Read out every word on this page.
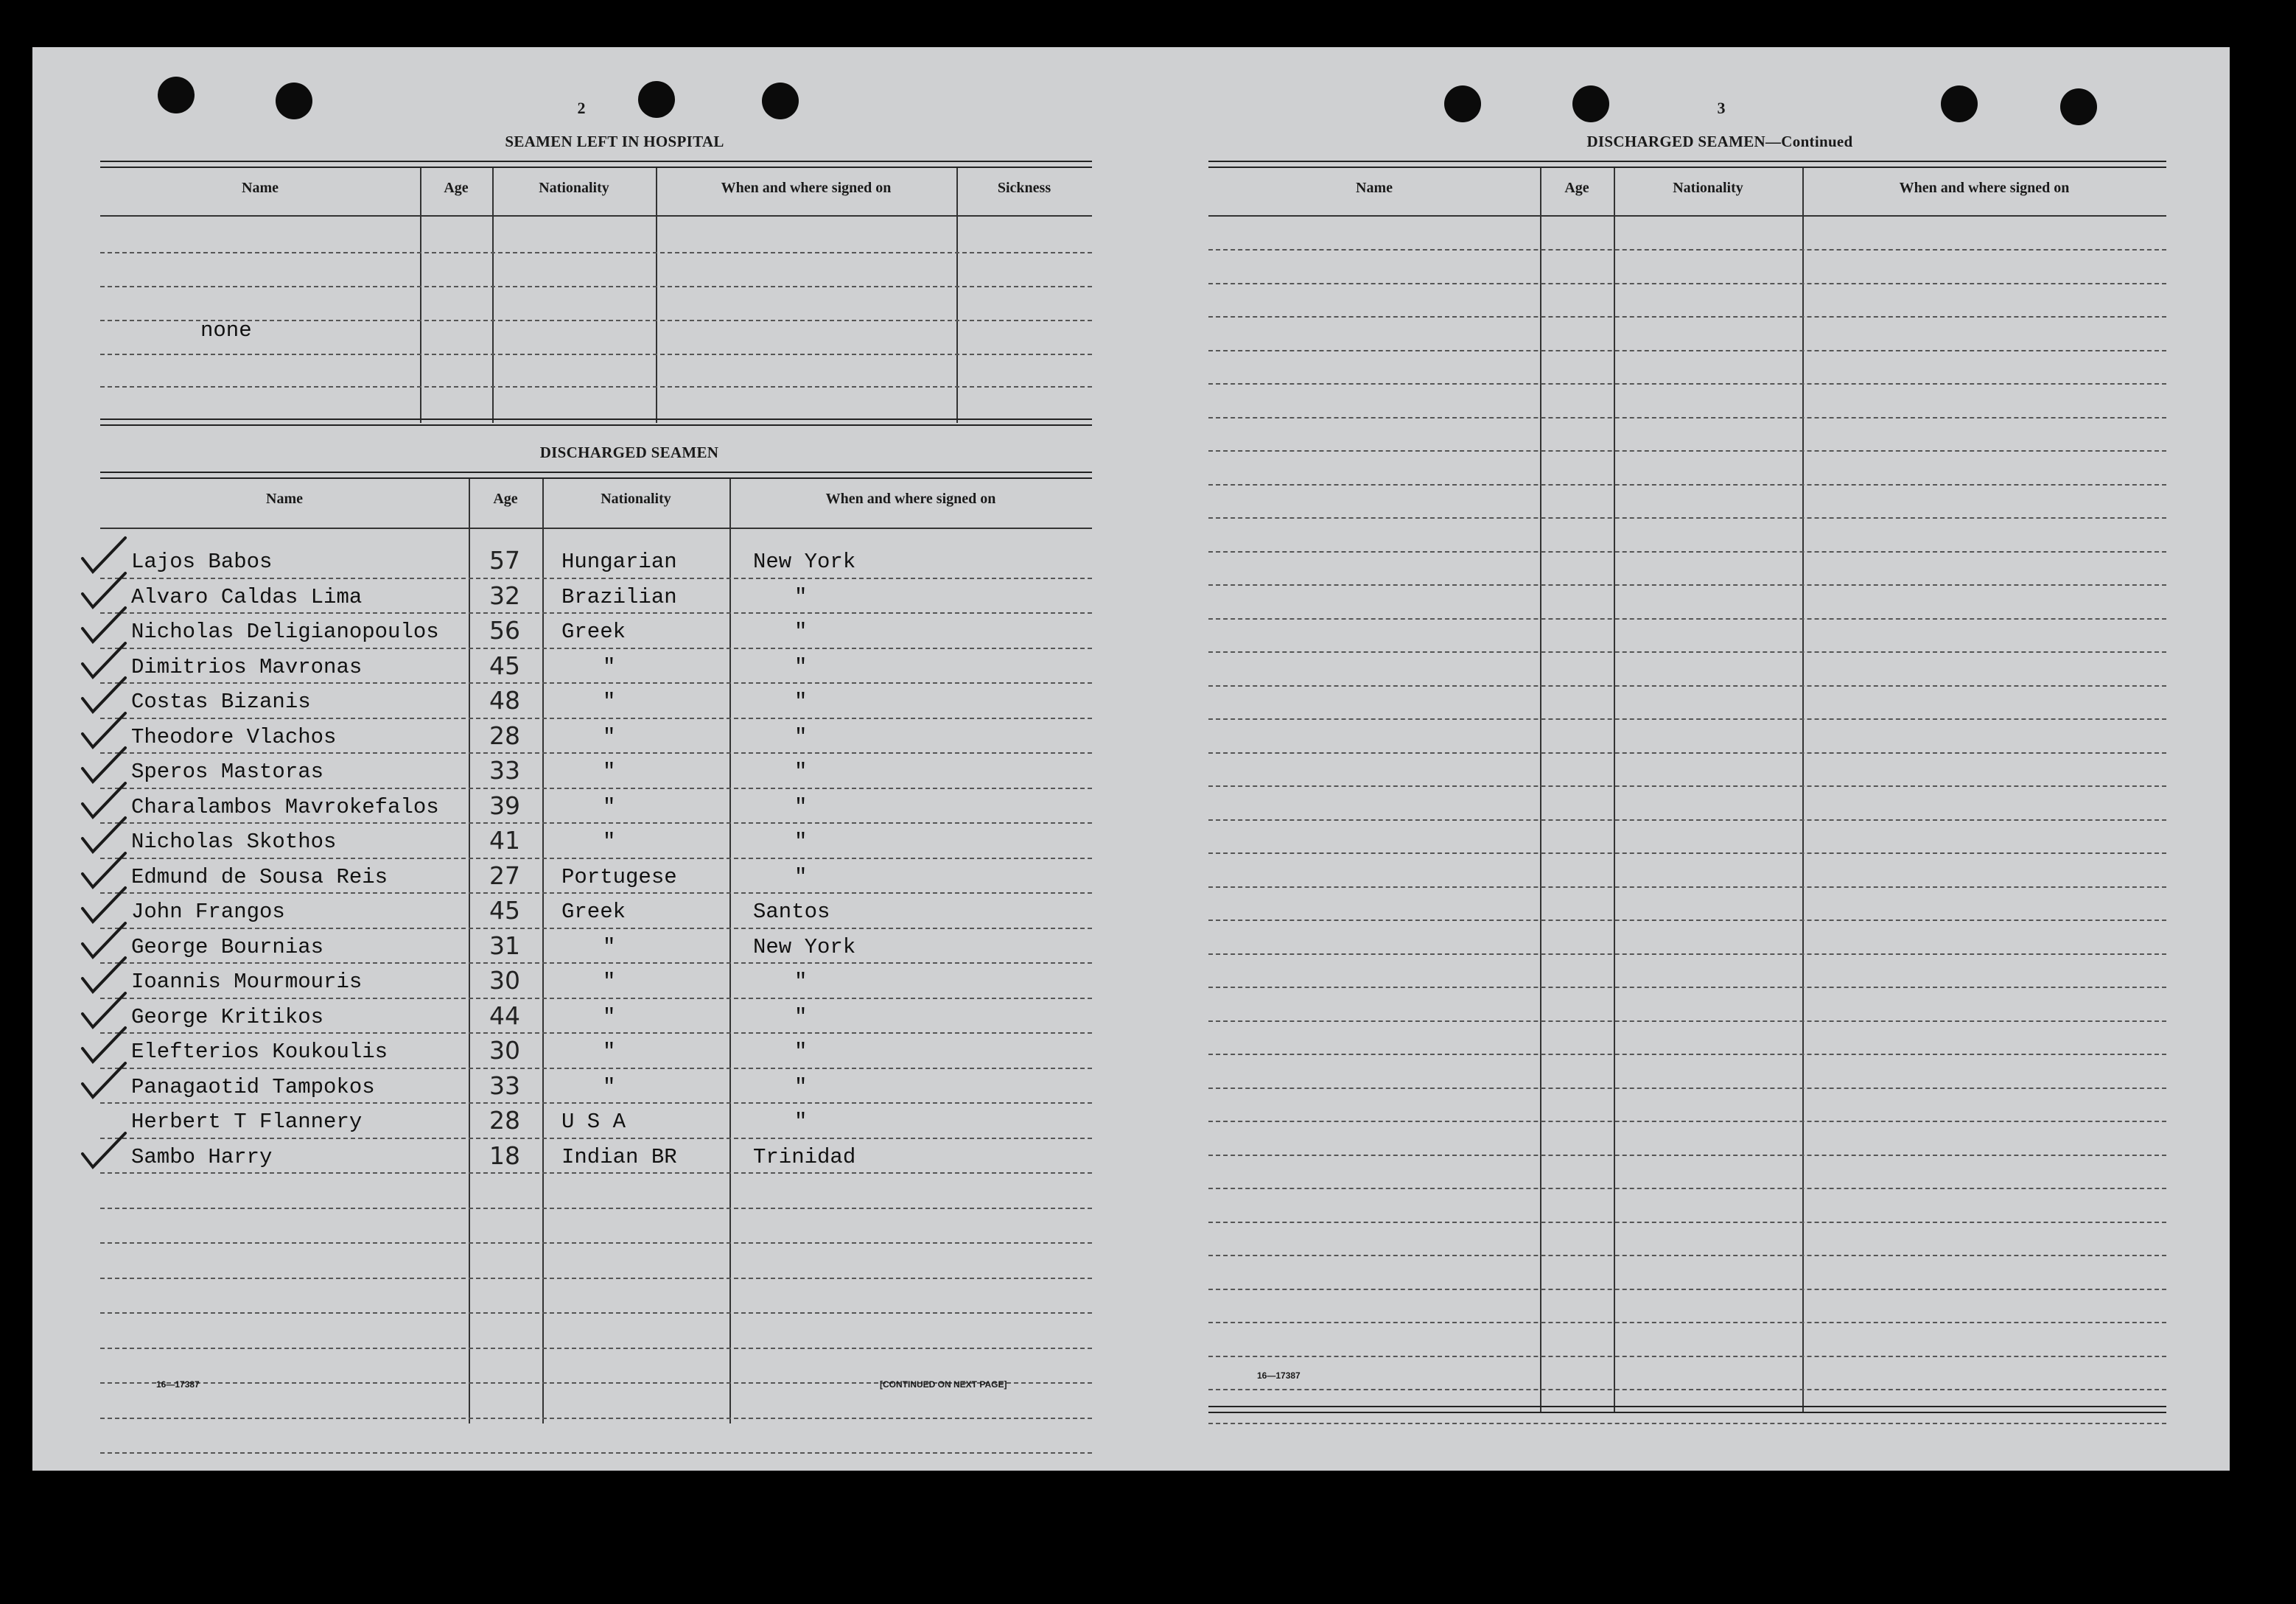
2
SEAMEN LEFT IN HOSPITAL
Name	Age	Nationality	When and where signed on	Sickness
none
DISCHARGED SEAMEN
Name	Age	Nationality	When and where signed on
Lajos Babos	57 Hungarian	New York
Alvaro Caldas Lima	32 Brazilian	"
Nicholas Deligianopoulos 56 Greek	"
Dimitrios Mavronas	45	"	"
Costas Bizanis	48	"	"
Theodore Vlachos	28	"	"
Speros Mastoras	33	"	"
Charalambos Mavrokefalos 39	"	"
Nicholas Skothos	41	"	"
Edmund de Sousa Reis	27 Portugese	"
John Frangos	45 Greek	Santos
George Bournias	31	"	New York
Ioannis Mourmouris	30	"	"
George Kritikos	44	"	"
Elefterios Koukoulis	30	"	"
Panagaotid Tampokos	33	"	"
Herbert T Flannery	28 U S A	"
Sambo Harry	18 Indian BR	Trinidad
16—17387	[CONTINUED ON NEXT PAGE]
3
DISCHARGED SEAMEN—Continued
Name	Age	Nationality	When and where signed on
16—17387
